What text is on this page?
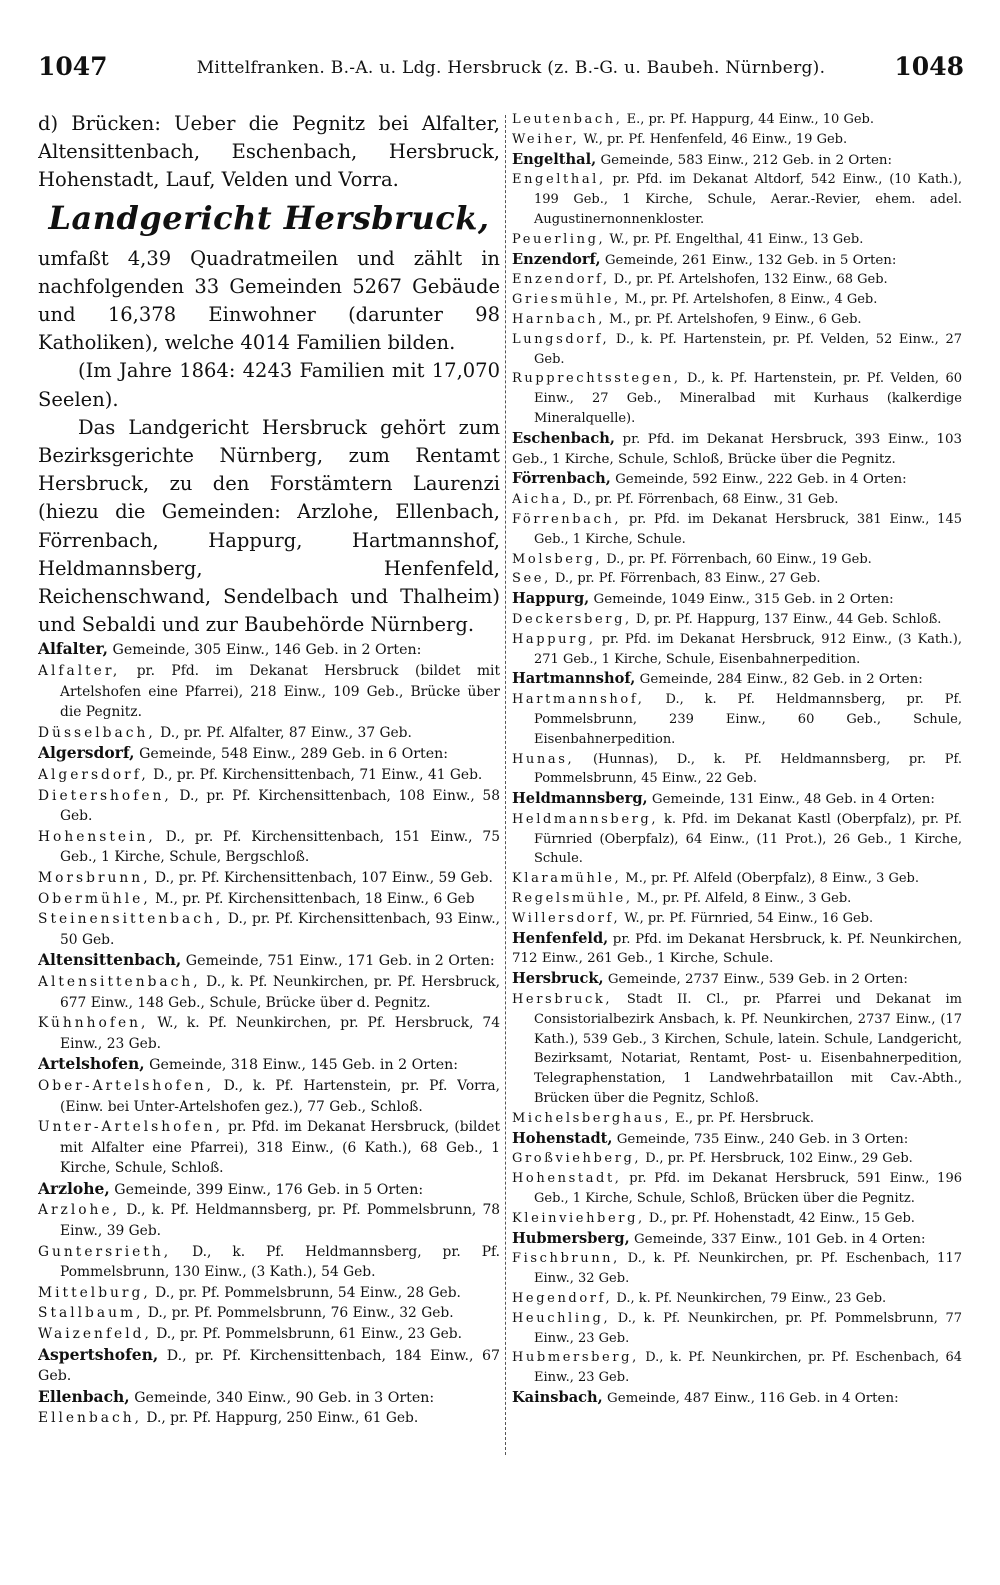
1047	Mittelfranken. B.-A. u. Ldg. Hersbruck (z. B.-G. u. Baubeh. Nürnberg).	1048

d) Brücken: Ueber die Pegnitz bei Alfalter, Altensittenbach, Eschenbach, Hersbruck, Hohenstadt, Lauf, Velden und Vorra.

Landgericht Hersbruck,

umfaßt 4,39 Quadratmeilen und zählt in nachfolgenden 33 Gemeinden 5267 Gebäude und 16,378 Einwohner (darunter 98 Katholiken), welche 4014 Familien bilden.

(Im Jahre 1864: 4243 Familien mit 17,070 Seelen).

Das Landgericht Hersbruck gehört zum Bezirksgerichte Nürnberg, zum Rentamt Hersbruck, zu den Forstämtern Laurenzi (hiezu die Gemeinden: Arzlohe, Ellenbach, Förrenbach, Happurg, Hartmannshof, Heldmannsberg, Henfenfeld, Reichenschwand, Sendelbach und Thalheim) und Sebaldi und zur Baubehörde Nürnberg.

Alfalter, Gemeinde, 305 Einw., 146 Geb. in 2 Orten:
Alfalter, pr. Pfd. im Dekanat Hersbruck (bildet mit Artelshofen eine Pfarrei), 218 Einw., 109 Geb., Brücke über die Pegnitz.
Düsselbach, D., pr. Pf. Alfalter, 87 Einw., 37 Geb.
Algersdorf, Gemeinde, 548 Einw., 289 Geb. in 6 Orten:
Algersdorf, D., pr. Pf. Kirchensittenbach, 71 Einw., 41 Geb.
Dietershofen, D., pr. Pf. Kirchensittenbach, 108 Einw., 58 Geb.
Hohenstein, D., pr. Pf. Kirchensittenbach, 151 Einw., 75 Geb., 1 Kirche, Schule, Bergschloß.
Morsbrunn, D., pr. Pf. Kirchensittenbach, 107 Einw., 59 Geb.
Obermühle, M., pr. Pf. Kirchensittenbach, 18 Einw., 6 Geb
Steinensittenbach, D., pr. Pf. Kirchensittenbach, 93 Einw., 50 Geb.
Altensittenbach, Gemeinde, 751 Einw., 171 Geb. in 2 Orten:
Altensittenbach, D., k. Pf. Neunkirchen, pr. Pf. Hersbruck, 677 Einw., 148 Geb., Schule, Brücke über d. Pegnitz.
Kühnhofen, W., k. Pf. Neunkirchen, pr. Pf. Hersbruck, 74 Einw., 23 Geb.
Artelshofen, Gemeinde, 318 Einw., 145 Geb. in 2 Orten:
Ober-Artelshofen, D., k. Pf. Hartenstein, pr. Pf. Vorra, (Einw. bei Unter-Artelshofen gez.), 77 Geb., Schloß.
Unter-Artelshofen, pr. Pfd. im Dekanat Hersbruck, (bildet mit Alfalter eine Pfarrei), 318 Einw., (6 Kath.), 68 Geb., 1 Kirche, Schule, Schloß.
Arzlohe, Gemeinde, 399 Einw., 176 Geb. in 5 Orten:
Arzlohe, D., k. Pf. Heldmannsberg, pr. Pf. Pommelsbrunn, 78 Einw., 39 Geb.
Guntersrieth, D., k. Pf. Heldmannsberg, pr. Pf. Pommelsbrunn, 130 Einw., (3 Kath.), 54 Geb.
Mittelburg, D., pr. Pf. Pommelsbrunn, 54 Einw., 28 Geb.
Stallbaum, D., pr. Pf. Pommelsbrunn, 76 Einw., 32 Geb.
Waizenfeld, D., pr. Pf. Pommelsbrunn, 61 Einw., 23 Geb.
Aspertshofen, D., pr. Pf. Kirchensittenbach, 184 Einw., 67 Geb.
Ellenbach, Gemeinde, 340 Einw., 90 Geb. in 3 Orten:
Ellenbach, D., pr. Pf. Happurg, 250 Einw., 61 Geb.
Leutenbach, E., pr. Pf. Happurg, 44 Einw., 10 Geb.
Weiher, W., pr. Pf. Henfenfeld, 46 Einw., 19 Geb.
Engelthal, Gemeinde, 583 Einw., 212 Geb. in 2 Orten:
Engelthal, pr. Pfd. im Dekanat Altdorf, 542 Einw., (10 Kath.), 199 Geb., 1 Kirche, Schule, Aerar.-Revier, ehem. adel. Augustinernonnenkloster.
Peuerling, W., pr. Pf. Engelthal, 41 Einw., 13 Geb.
Enzendorf, Gemeinde, 261 Einw., 132 Geb. in 5 Orten:
Enzendorf, D., pr. Pf. Artelshofen, 132 Einw., 68 Geb.
Griesmühle, M., pr. Pf. Artelshofen, 8 Einw., 4 Geb.
Harnbach, M., pr. Pf. Artelshofen, 9 Einw., 6 Geb.
Lungsdorf, D., k. Pf. Hartenstein, pr. Pf. Velden, 52 Einw., 27 Geb.
Rupprechtsstegen, D., k. Pf. Hartenstein, pr. Pf. Velden, 60 Einw., 27 Geb., Mineralbad mit Kurhaus (kalkerdige Mineralquelle).
Eschenbach, pr. Pfd. im Dekanat Hersbruck, 393 Einw., 103 Geb., 1 Kirche, Schule, Schloß, Brücke über die Pegnitz.
Förrenbach, Gemeinde, 592 Einw., 222 Geb. in 4 Orten:
Aicha, D., pr. Pf. Förrenbach, 68 Einw., 31 Geb.
Förrenbach, pr. Pfd. im Dekanat Hersbruck, 381 Einw., 145 Geb., 1 Kirche, Schule.
Molsberg, D., pr. Pf. Förrenbach, 60 Einw., 19 Geb.
See, D., pr. Pf. Förrenbach, 83 Einw., 27 Geb.
Happurg, Gemeinde, 1049 Einw., 315 Geb. in 2 Orten:
Deckersberg, D, pr. Pf. Happurg, 137 Einw., 44 Geb. Schloß.
Happurg, pr. Pfd. im Dekanat Hersbruck, 912 Einw., (3 Kath.), 271 Geb., 1 Kirche, Schule, Eisenbahnerpedition.
Hartmannshof, Gemeinde, 284 Einw., 82 Geb. in 2 Orten:
Hartmannshof, D., k. Pf. Heldmannsberg, pr. Pf. Pommelsbrunn, 239 Einw., 60 Geb., Schule, Eisenbahnerpedition.
Hunas, (Hunnas), D., k. Pf. Heldmannsberg, pr. Pf. Pommelsbrunn, 45 Einw., 22 Geb.
Heldmannsberg, Gemeinde, 131 Einw., 48 Geb. in 4 Orten:
Heldmannsberg, k. Pfd. im Dekanat Kastl (Oberpfalz), pr. Pf. Fürnried (Oberpfalz), 64 Einw., (11 Prot.), 26 Geb., 1 Kirche, Schule.
Klaramühle, M., pr. Pf. Alfeld (Oberpfalz), 8 Einw., 3 Geb.
Regelsmühle, M., pr. Pf. Alfeld, 8 Einw., 3 Geb.
Willersdorf, W., pr. Pf. Fürnried, 54 Einw., 16 Geb.
Henfenfeld, pr. Pfd. im Dekanat Hersbruck, k. Pf. Neunkirchen, 712 Einw., 261 Geb., 1 Kirche, Schule.
Hersbruck, Gemeinde, 2737 Einw., 539 Geb. in 2 Orten:
Hersbruck, Stadt II. Cl., pr. Pfarrei und Dekanat im Consistorialbezirk Ansbach, k. Pf. Neunkirchen, 2737 Einw., (17 Kath.), 539 Geb., 3 Kirchen, Schule, latein. Schule, Landgericht, Bezirksamt, Notariat, Rentamt, Post- u. Eisenbahnerpedition, Telegraphenstation, 1 Landwehrbataillon mit Cav.-Abth., Brücken über die Pegnitz, Schloß.
Michelsberghaus, E., pr. Pf. Hersbruck.
Hohenstadt, Gemeinde, 735 Einw., 240 Geb. in 3 Orten:
Großviehberg, D., pr. Pf. Hersbruck, 102 Einw., 29 Geb.
Hohenstadt, pr. Pfd. im Dekanat Hersbruck, 591 Einw., 196 Geb., 1 Kirche, Schule, Schloß, Brücken über die Pegnitz.
Kleinviehberg, D., pr. Pf. Hohenstadt, 42 Einw., 15 Geb.
Hubmersberg, Gemeinde, 337 Einw., 101 Geb. in 4 Orten:
Fischbrunn, D., k. Pf. Neunkirchen, pr. Pf. Eschenbach, 117 Einw., 32 Geb.
Hegendorf, D., k. Pf. Neunkirchen, 79 Einw., 23 Geb.
Heuchling, D., k. Pf. Neunkirchen, pr. Pf. Pommelsbrunn, 77 Einw., 23 Geb.
Hubmersberg, D., k. Pf. Neunkirchen, pr. Pf. Eschenbach, 64 Einw., 23 Geb.
Kainsbach, Gemeinde, 487 Einw., 116 Geb. in 4 Orten:
